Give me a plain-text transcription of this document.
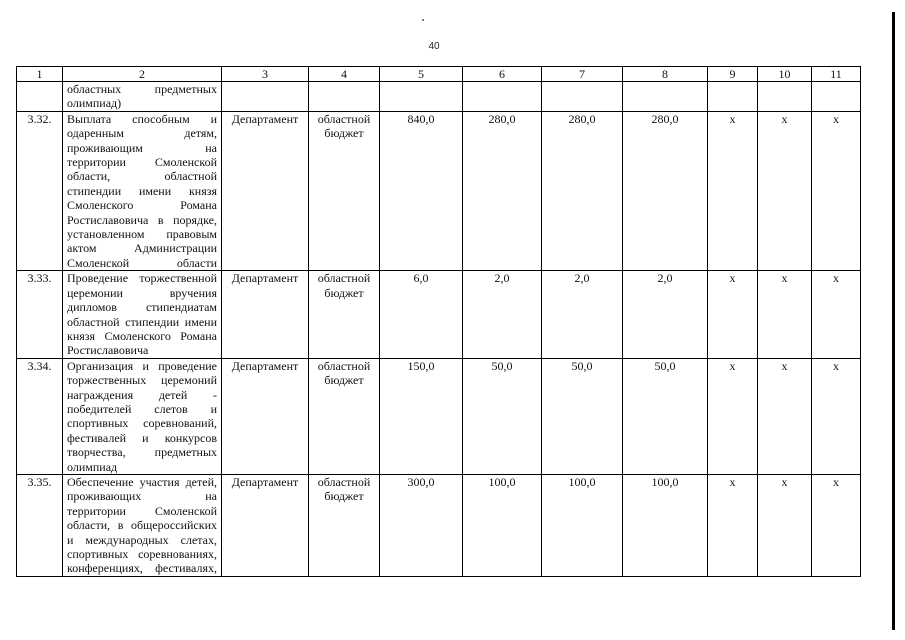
40
1	2	3	4	5	6	7	8	9	10	11
	областных предметных олимпиад)									
3.32.	Выплата способным и одаренным детям, проживающим на территории Смоленской области, областной стипендии имени князя Смоленского Романа Ростиславовича в порядке, установленном правовым актом Администрации Смоленской области	Департамент	областной бюджет	840,0	280,0	280,0	280,0	x	x	x
3.33.	Проведение торжественной церемонии вручения дипломов стипендиатам областной стипендии имени князя Смоленского Романа Ростиславовича	Департамент	областной бюджет	6,0	2,0	2,0	2,0	x	x	x
3.34.	Организация и проведение торжественных церемоний награждения детей - победителей слетов и спортивных соревнований, фестивалей и конкурсов творчества, предметных олимпиад	Департамент	областной бюджет	150,0	50,0	50,0	50,0	x	x	x
3.35.	Обеспечение участия детей, проживающих на территории Смоленской области, в общероссийских и международных слетах, спортивных соревнованиях, конференциях, фестивалях,	Департамент	областной бюджет	300,0	100,0	100,0	100,0	x	x	x
